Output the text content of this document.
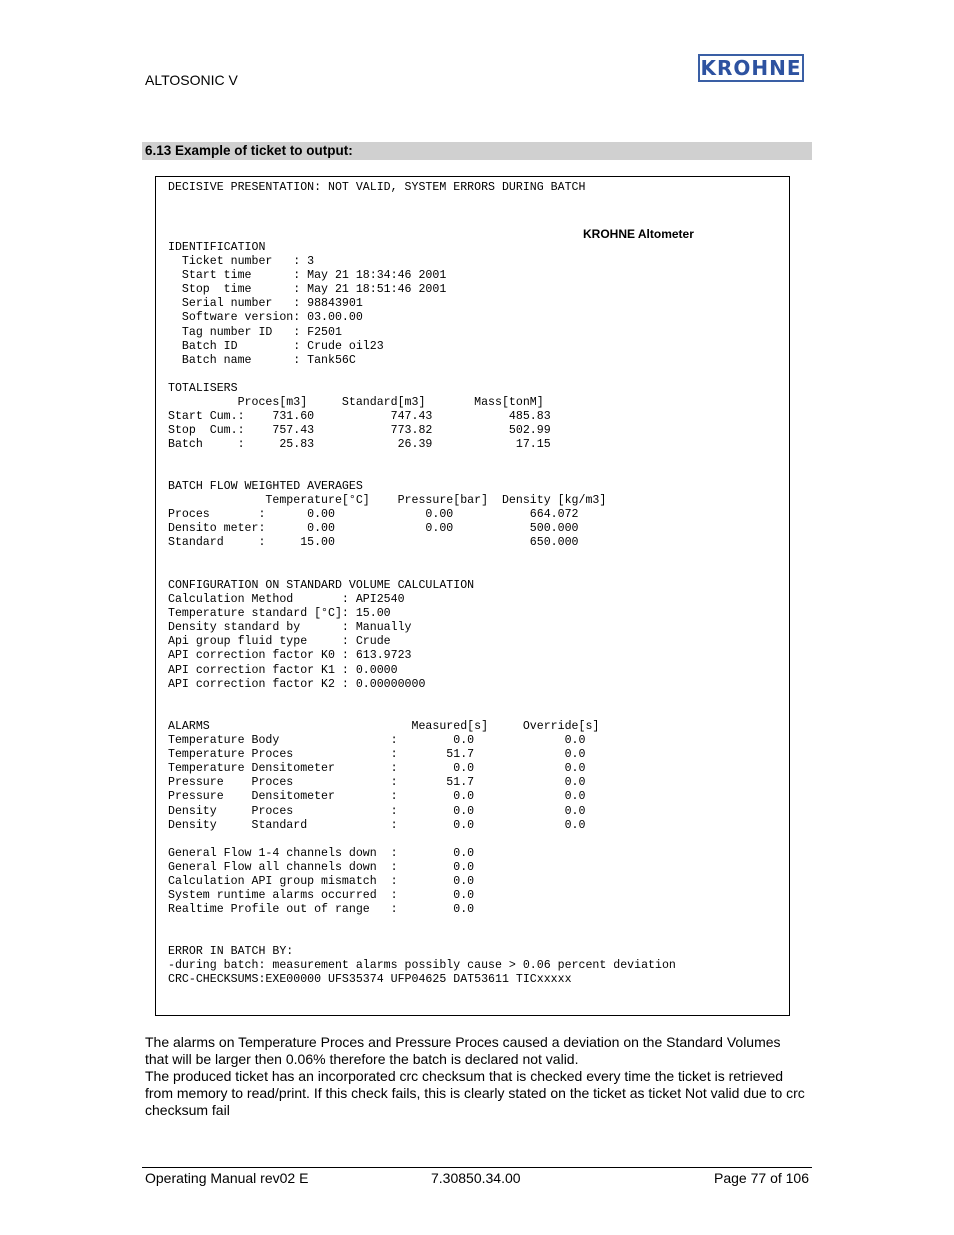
ALTOSONIC V	KROHNE
6.13 Example of ticket to output:
DECISIVE PRESENTATION: NOT VALID, SYSTEM ERRORS DURING BATCH
KROHNE Altometer
IDENTIFICATION
Ticket number   : 3
Start time      : May 21 18:34:46 2001
Stop  time      : May 21 18:51:46 2001
Serial number   : 98843901
Software version: 03.00.00
Tag number ID   : F2501
Batch ID        : Crude oil23
Batch name      : Tank56C
TOTALISERS
Proces[m3]     Standard[m3]       Mass[tonM]
Start Cum.:    731.60           747.43           485.83
Stop  Cum.:    757.43           773.82           502.99
Batch     :     25.83            26.39            17.15
BATCH FLOW WEIGHTED AVERAGES
Temperature[°C]    Pressure[bar]  Density [kg/m3]
Proces       :      0.00             0.00           664.072
Densito meter:      0.00             0.00           500.000
Standard     :     15.00                            650.000
CONFIGURATION ON STANDARD VOLUME CALCULATION
Calculation Method       : API2540
Temperature standard [°C]: 15.00
Density standard by      : Manually
Api group fluid type     : Crude
API correction factor K0 : 613.9723
API correction factor K1 : 0.0000
API correction factor K2 : 0.00000000
ALARMS                             Measured[s]     Override[s]
Temperature Body                :        0.0             0.0
Temperature Proces              :       51.7             0.0
Temperature Densitometer        :        0.0             0.0
Pressure    Proces              :       51.7             0.0
Pressure    Densitometer        :        0.0             0.0
Density     Proces              :        0.0             0.0
Density     Standard            :        0.0             0.0

General Flow 1-4 channels down  :        0.0
General Flow all channels down  :        0.0
Calculation API group mismatch  :        0.0
System runtime alarms occurred  :        0.0
Realtime Profile out of range   :        0.0
ERROR IN BATCH BY:
-during batch: measurement alarms possibly cause > 0.06 percent deviation
CRC-CHECKSUMS:EXE00000 UFS35374 UFP04625 DAT53611 TICxxxxx

The alarms on Temperature Proces and Pressure Proces caused a deviation on the Standard Volumes that will be larger then 0.06% therefore the batch is declared not valid.

The produced ticket has an incorporated crc checksum that is checked every time the ticket is retrieved from memory to read/print. If this check fails, this is clearly stated on the ticket as ticket Not valid due to crc checksum fail

Operating Manual rev02 E	7.30850.34.00	Page 77 of 106
